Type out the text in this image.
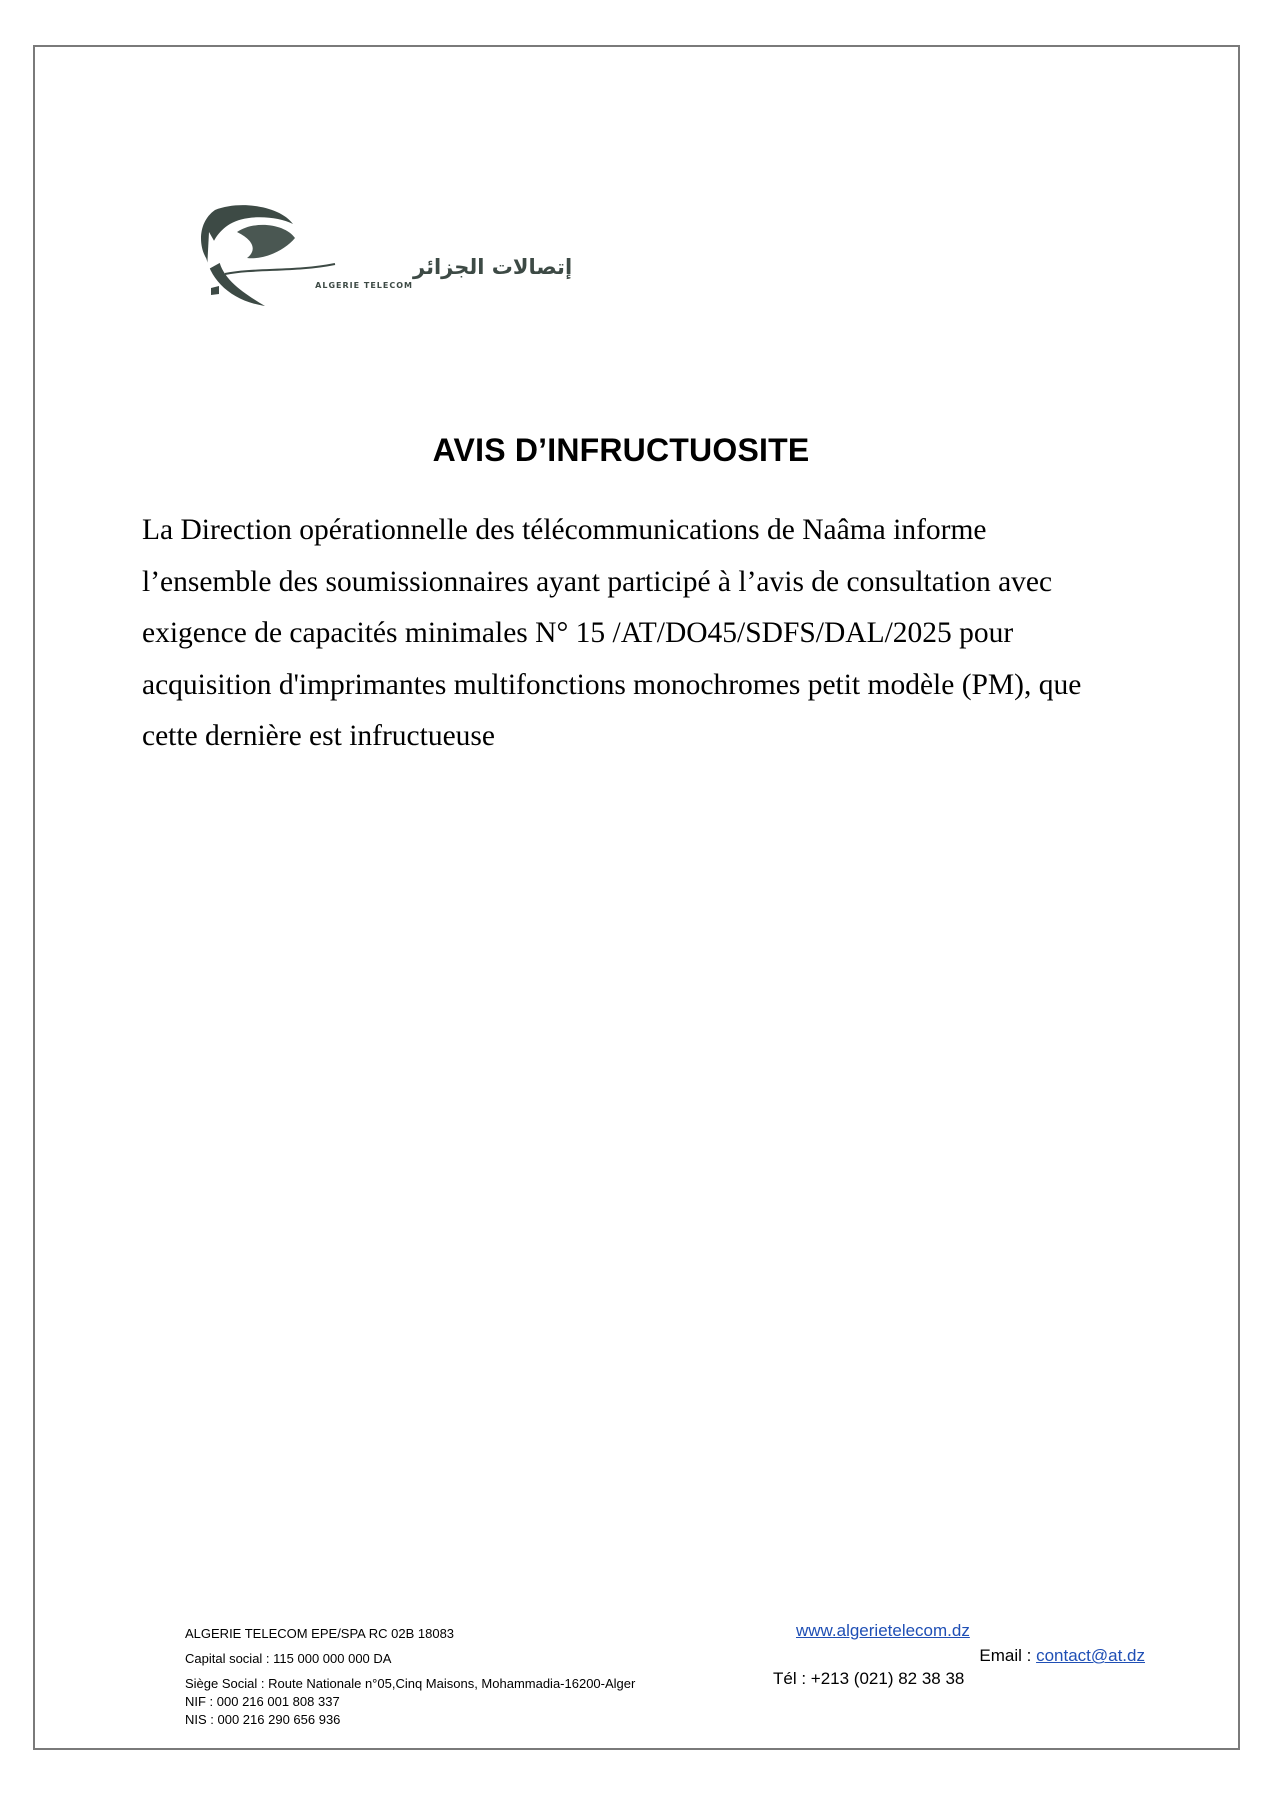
إتصالات الجزائر
ALGERIE TELECOM
AVIS D’INFRUCTUOSITE
La Direction opérationnelle des télécommunications de Naâma informe
l’ensemble des soumissionnaires ayant participé à l’avis de consultation avec
exigence de capacités minimales N° 15 /AT/DO45/SDFS/DAL/2025 pour
acquisition d'imprimantes multifonctions monochromes petit modèle (PM), que
cette dernière est infructueuse
ALGERIE TELECOM EPE/SPA RC 02B 18083
Capital social : 115 000 000 000 DA
Siège Social : Route Nationale n°05,Cinq Maisons, Mohammadia-16200-Alger
NIF : 000 216 001 808 337
NIS : 000 216 290 656 936
www.algerietelecom.dz
Email : contact@at.dz
Tél : +213 (021) 82 38 38
